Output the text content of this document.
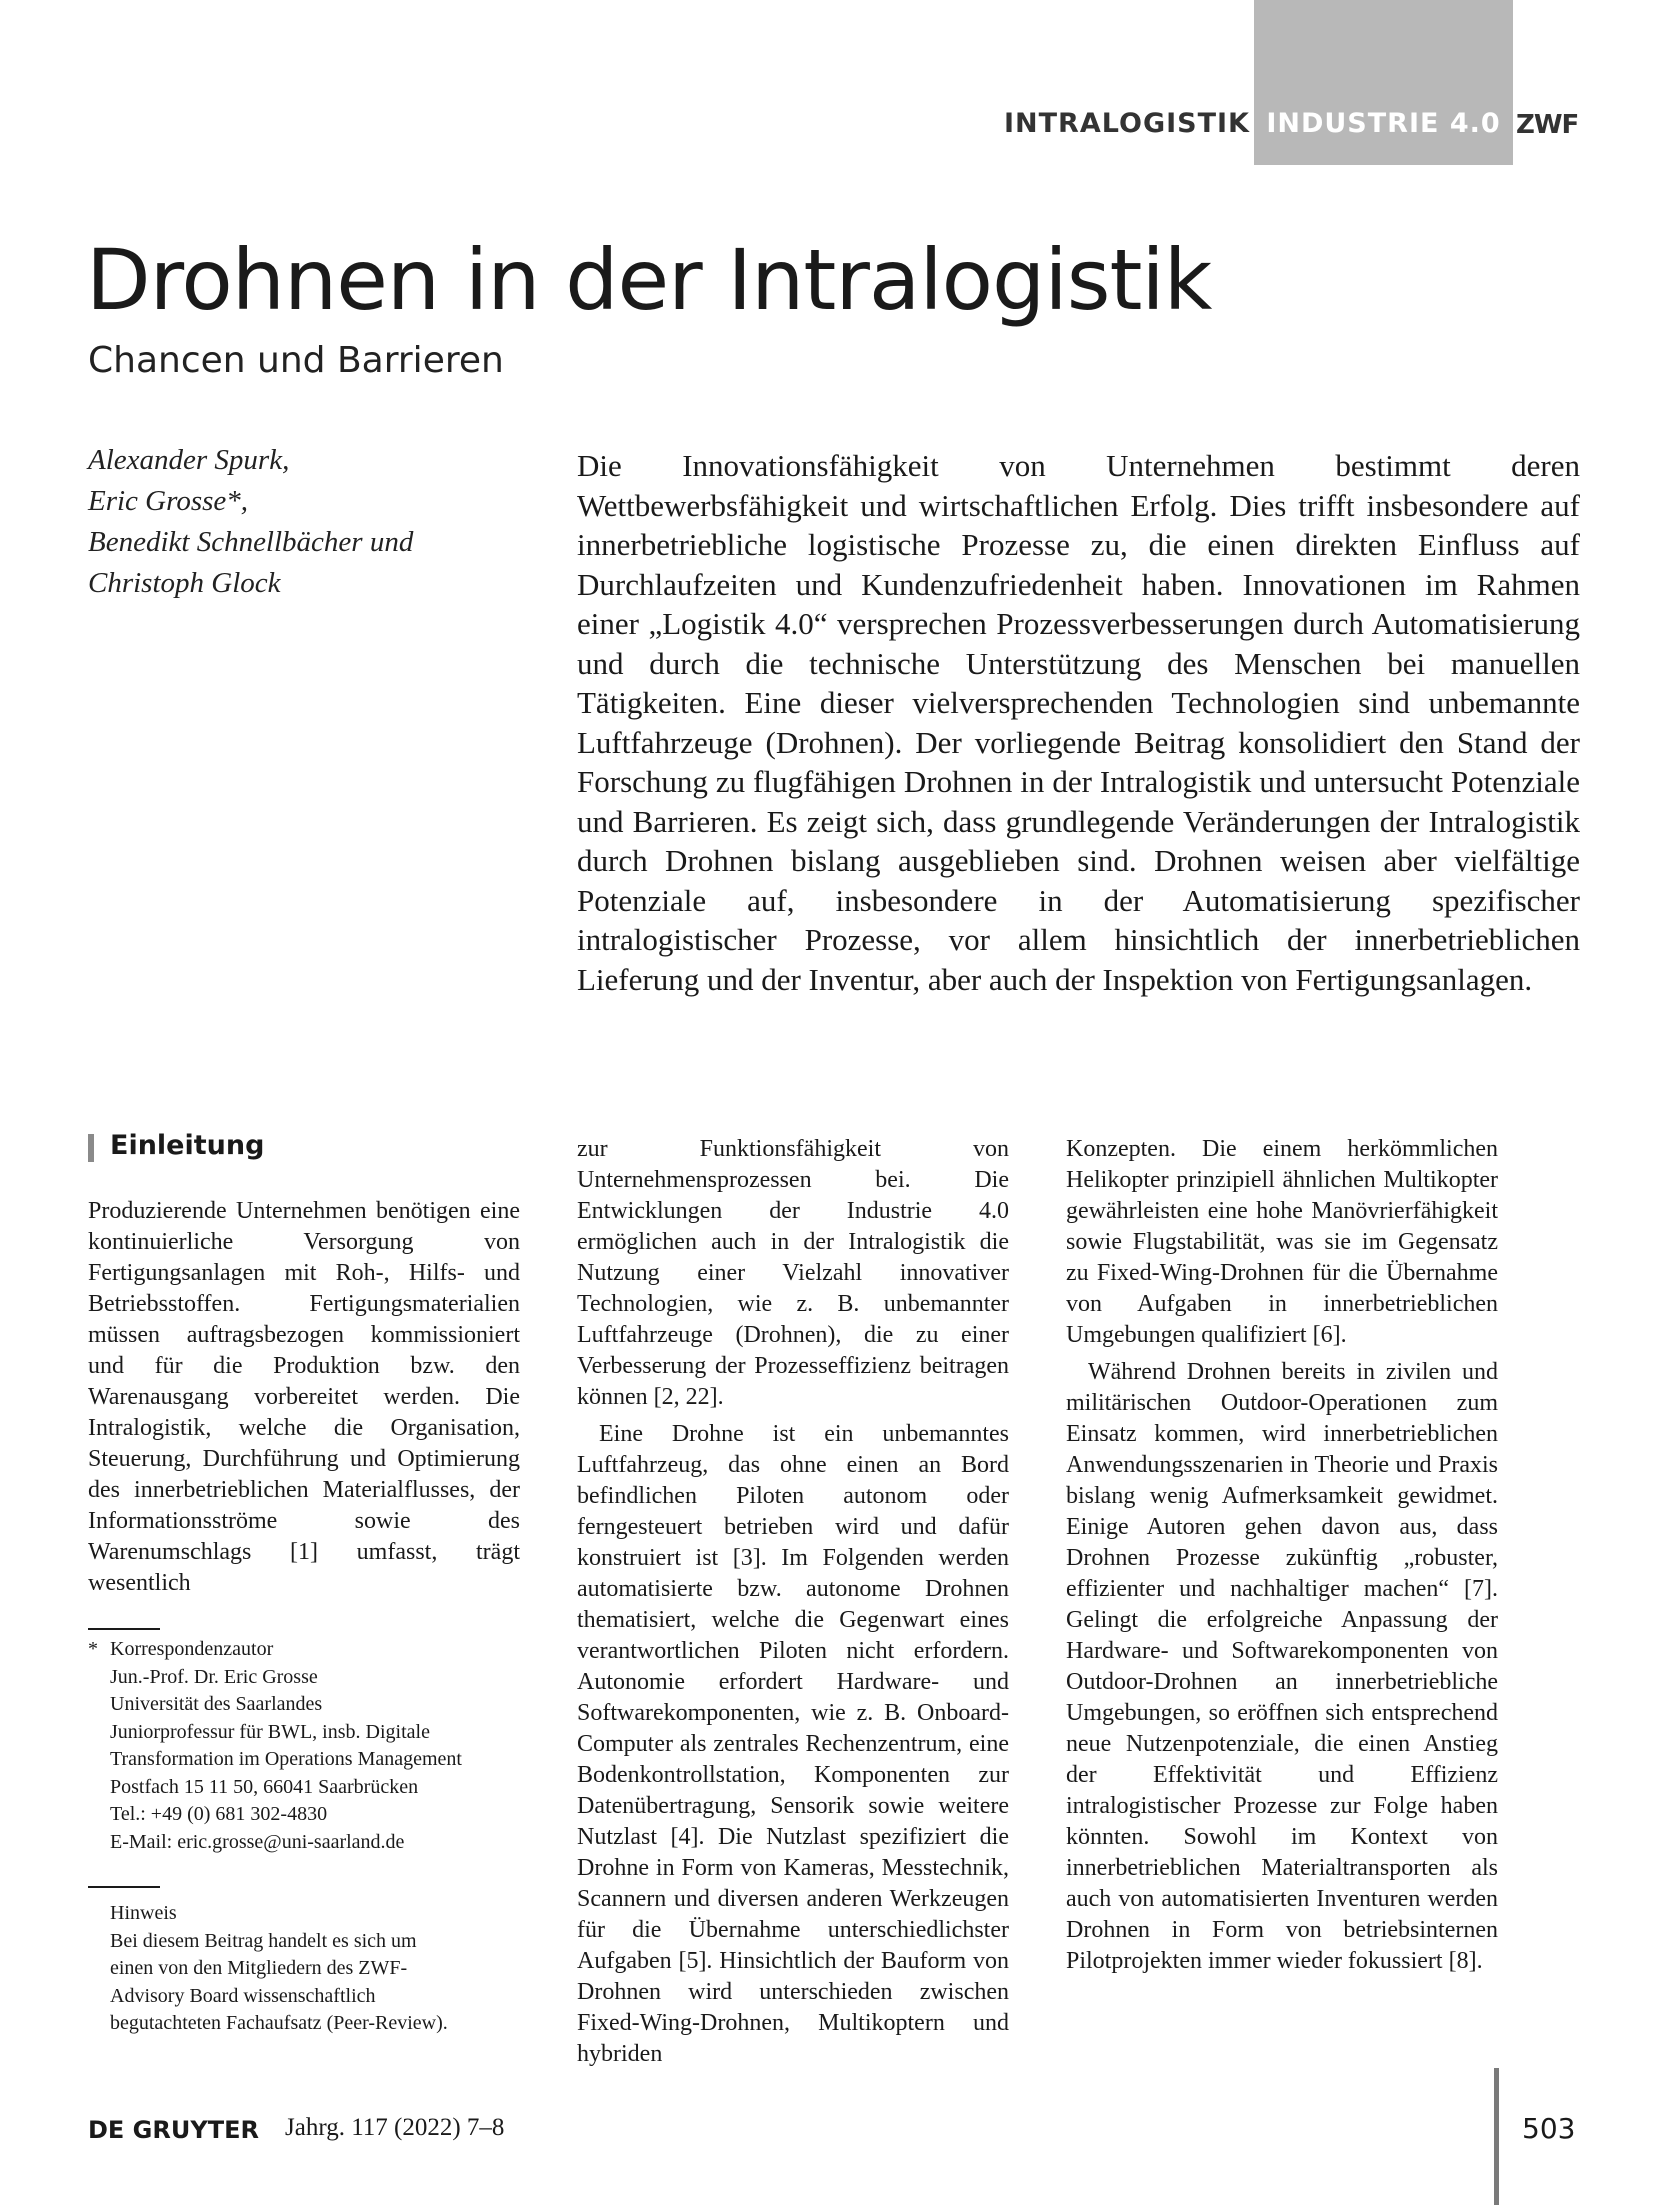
INTRALOGISTIK INDUSTRIE 4.0 ZWF
Drohnen in der Intralogistik
Chancen und Barrieren
Alexander Spurk,
Eric Grosse*,
Benedikt Schnellbächer und
Christoph Glock
Die Innovationsfähigkeit von Unternehmen bestimmt deren Wettbewerbsfähigkeit und wirtschaftlichen Erfolg. Dies trifft insbesondere auf innerbetriebliche logistische Prozesse zu, die einen direkten Einfluss auf Durchlaufzeiten und Kundenzufriedenheit haben. Innovationen im Rahmen einer „Logistik 4.0“ versprechen Prozessverbesserungen durch Automatisierung und durch die technische Unterstützung des Menschen bei manuellen Tätigkeiten. Eine dieser vielversprechenden Technologien sind unbemannte Luftfahrzeuge (Drohnen). Der vorliegende Beitrag konsolidiert den Stand der Forschung zu flugfähigen Drohnen in der Intralogistik und untersucht Potenziale und Barrieren. Es zeigt sich, dass grundlegende Veränderungen der Intralogistik durch Drohnen bislang ausgeblieben sind. Drohnen weisen aber vielfältige Potenziale auf, insbesondere in der Automatisierung spezifischer intralogistischer Prozesse, vor allem hinsichtlich der innerbetrieblichen Lieferung und der Inventur, aber auch der Inspektion von Fertigungsanlagen.
Einleitung

Produzierende Unternehmen benötigen eine kontinuierliche Versorgung von Fertigungsanlagen mit Roh-, Hilfs- und Betriebsstoffen. Fertigungsmaterialien müssen auftragsbezogen kommissioniert und für die Produktion bzw. den Warenausgang vorbereitet werden. Die Intralogistik, welche die Organisation, Steuerung, Durchführung und Optimierung des innerbetrieblichen Materialflusses, der Informationsströme sowie des Warenumschlags [1] umfasst, trägt wesentlich

zur Funktionsfähigkeit von Unternehmensprozessen bei. Die Entwicklungen der Industrie 4.0 ermöglichen auch in der Intralogistik die Nutzung einer Vielzahl innovativer Technologien, wie z. B. unbemannter Luftfahrzeuge (Drohnen), die zu einer Verbesserung der Prozesseffizienz beitragen können [2, 22].

Eine Drohne ist ein unbemanntes Luftfahrzeug, das ohne einen an Bord befindlichen Piloten autonom oder ferngesteuert betrieben wird und dafür konstruiert ist [3]. Im Folgenden werden automatisierte bzw. autonome Drohnen thematisiert, welche die Gegenwart eines verantwortlichen Piloten nicht erfordern. Autonomie erfordert Hardware- und Softwarekomponenten, wie z. B. Onboard-Computer als zentrales Rechenzentrum, eine Bodenkontrollstation, Komponenten zur Datenübertragung, Sensorik sowie weitere Nutzlast [4]. Die Nutzlast spezifiziert die Drohne in Form von Kameras, Messtechnik, Scannern und diversen anderen Werkzeugen für die Übernahme unterschiedlichster Aufgaben [5]. Hinsichtlich der Bauform von Drohnen wird unterschieden zwischen Fixed-Wing-Drohnen, Multikoptern und hybriden

Konzepten. Die einem herkömmlichen Helikopter prinzipiell ähnlichen Multikopter gewährleisten eine hohe Manövrierfähigkeit sowie Flugstabilität, was sie im Gegensatz zu Fixed-Wing-Drohnen für die Übernahme von Aufgaben in innerbetrieblichen Umgebungen qualifiziert [6].

Während Drohnen bereits in zivilen und militärischen Outdoor-Operationen zum Einsatz kommen, wird innerbetrieblichen Anwendungsszenarien in Theorie und Praxis bislang wenig Aufmerksamkeit gewidmet. Einige Autoren gehen davon aus, dass Drohnen Prozesse zukünftig „robuster, effizienter und nachhaltiger machen“ [7]. Gelingt die erfolgreiche Anpassung der Hardware- und Softwarekomponenten von Outdoor-Drohnen an innerbetriebliche Umgebungen, so eröffnen sich entsprechend neue Nutzenpotenziale, die einen Anstieg der Effektivität und Effizienz intralogistischer Prozesse zur Folge haben könnten. Sowohl im Kontext von innerbetrieblichen Materialtransporten als auch von automatisierten Inventuren werden Drohnen in Form von betriebsinternen Pilotprojekten immer wieder fokussiert [8].

* Korrespondenzautor
Jun.-Prof. Dr. Eric Grosse
Universität des Saarlandes
Juniorprofessur für BWL, insb. Digitale
Transformation im Operations Management
Postfach 15 11 50, 66041 Saarbrücken
Tel.: +49 (0) 681 302-4830
E-Mail: eric.grosse@uni-saarland.de
Hinweis
Bei diesem Beitrag handelt es sich um
einen von den Mitgliedern des ZWF-
Advisory Board wissenschaftlich
begutachteten Fachaufsatz (Peer-Review).
DE GRUYTER Jahrg. 117 (2022) 7–8	503
